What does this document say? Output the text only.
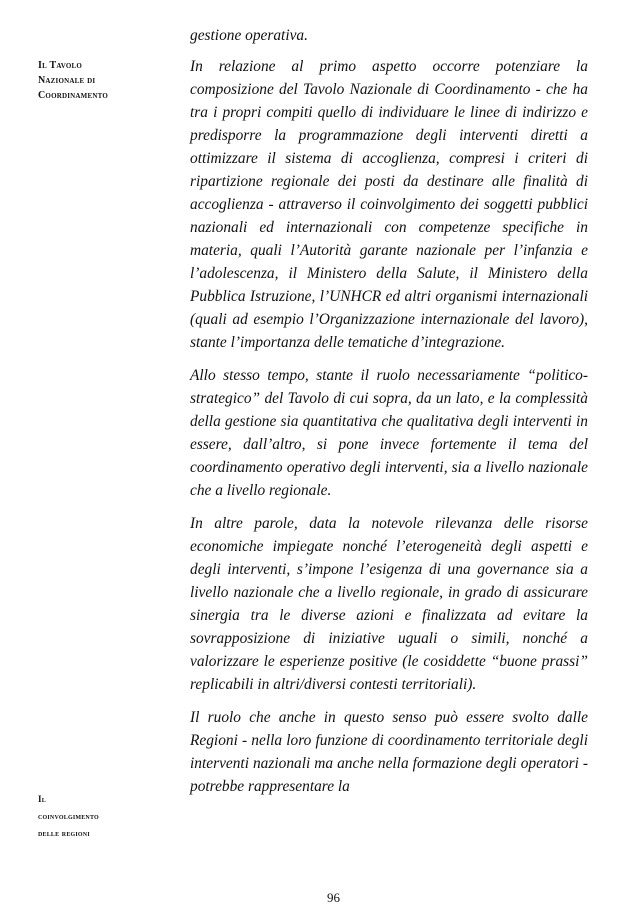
Il Tavolo
Nazionale di
Coordinamento
Il
coinvolgimento
delle regioni

gestione operativa.

In relazione al primo aspetto occorre potenziare la composizione del Tavolo Nazionale di Coordinamento - che ha tra i propri compiti quello di individuare le linee di indirizzo e predisporre la programmazione degli interventi diretti a ottimizzare il sistema di accoglienza, compresi i criteri di ripartizione regionale dei posti da destinare alle finalità di accoglienza - attraverso il coinvolgimento dei soggetti pubblici nazionali ed internazionali con competenze specifiche in materia, quali l’Autorità garante nazionale per l’infanzia e l’adolescenza, il Ministero della Salute, il Ministero della Pubblica Istruzione, l’UNHCR ed altri organismi internazionali (quali ad esempio l’Organizzazione internazionale del lavoro), stante l’importanza delle tematiche d’integrazione.

Allo stesso tempo, stante il ruolo necessariamente “politico-strategico” del Tavolo di cui sopra, da un lato, e la complessità della gestione sia quantitativa che qualitativa degli interventi in essere, dall’altro, si pone invece fortemente il tema del coordinamento operativo degli interventi, sia a livello nazionale che a livello regionale.

In altre parole, data la notevole rilevanza delle risorse economiche impiegate nonché l’eterogeneità degli aspetti e degli interventi, s’impone l’esigenza di una governance sia a livello nazionale che a livello regionale, in grado di assicurare sinergia tra le diverse azioni e finalizzata ad evitare la sovrapposizione di iniziative uguali o simili, nonché a valorizzare le esperienze positive (le cosiddette “buone prassi” replicabili in altri/diversi contesti territoriali).

Il ruolo che anche in questo senso può essere svolto dalle Regioni - nella loro funzione di coordinamento territoriale degli interventi nazionali ma anche nella formazione degli operatori - potrebbe rappresentare la

96
